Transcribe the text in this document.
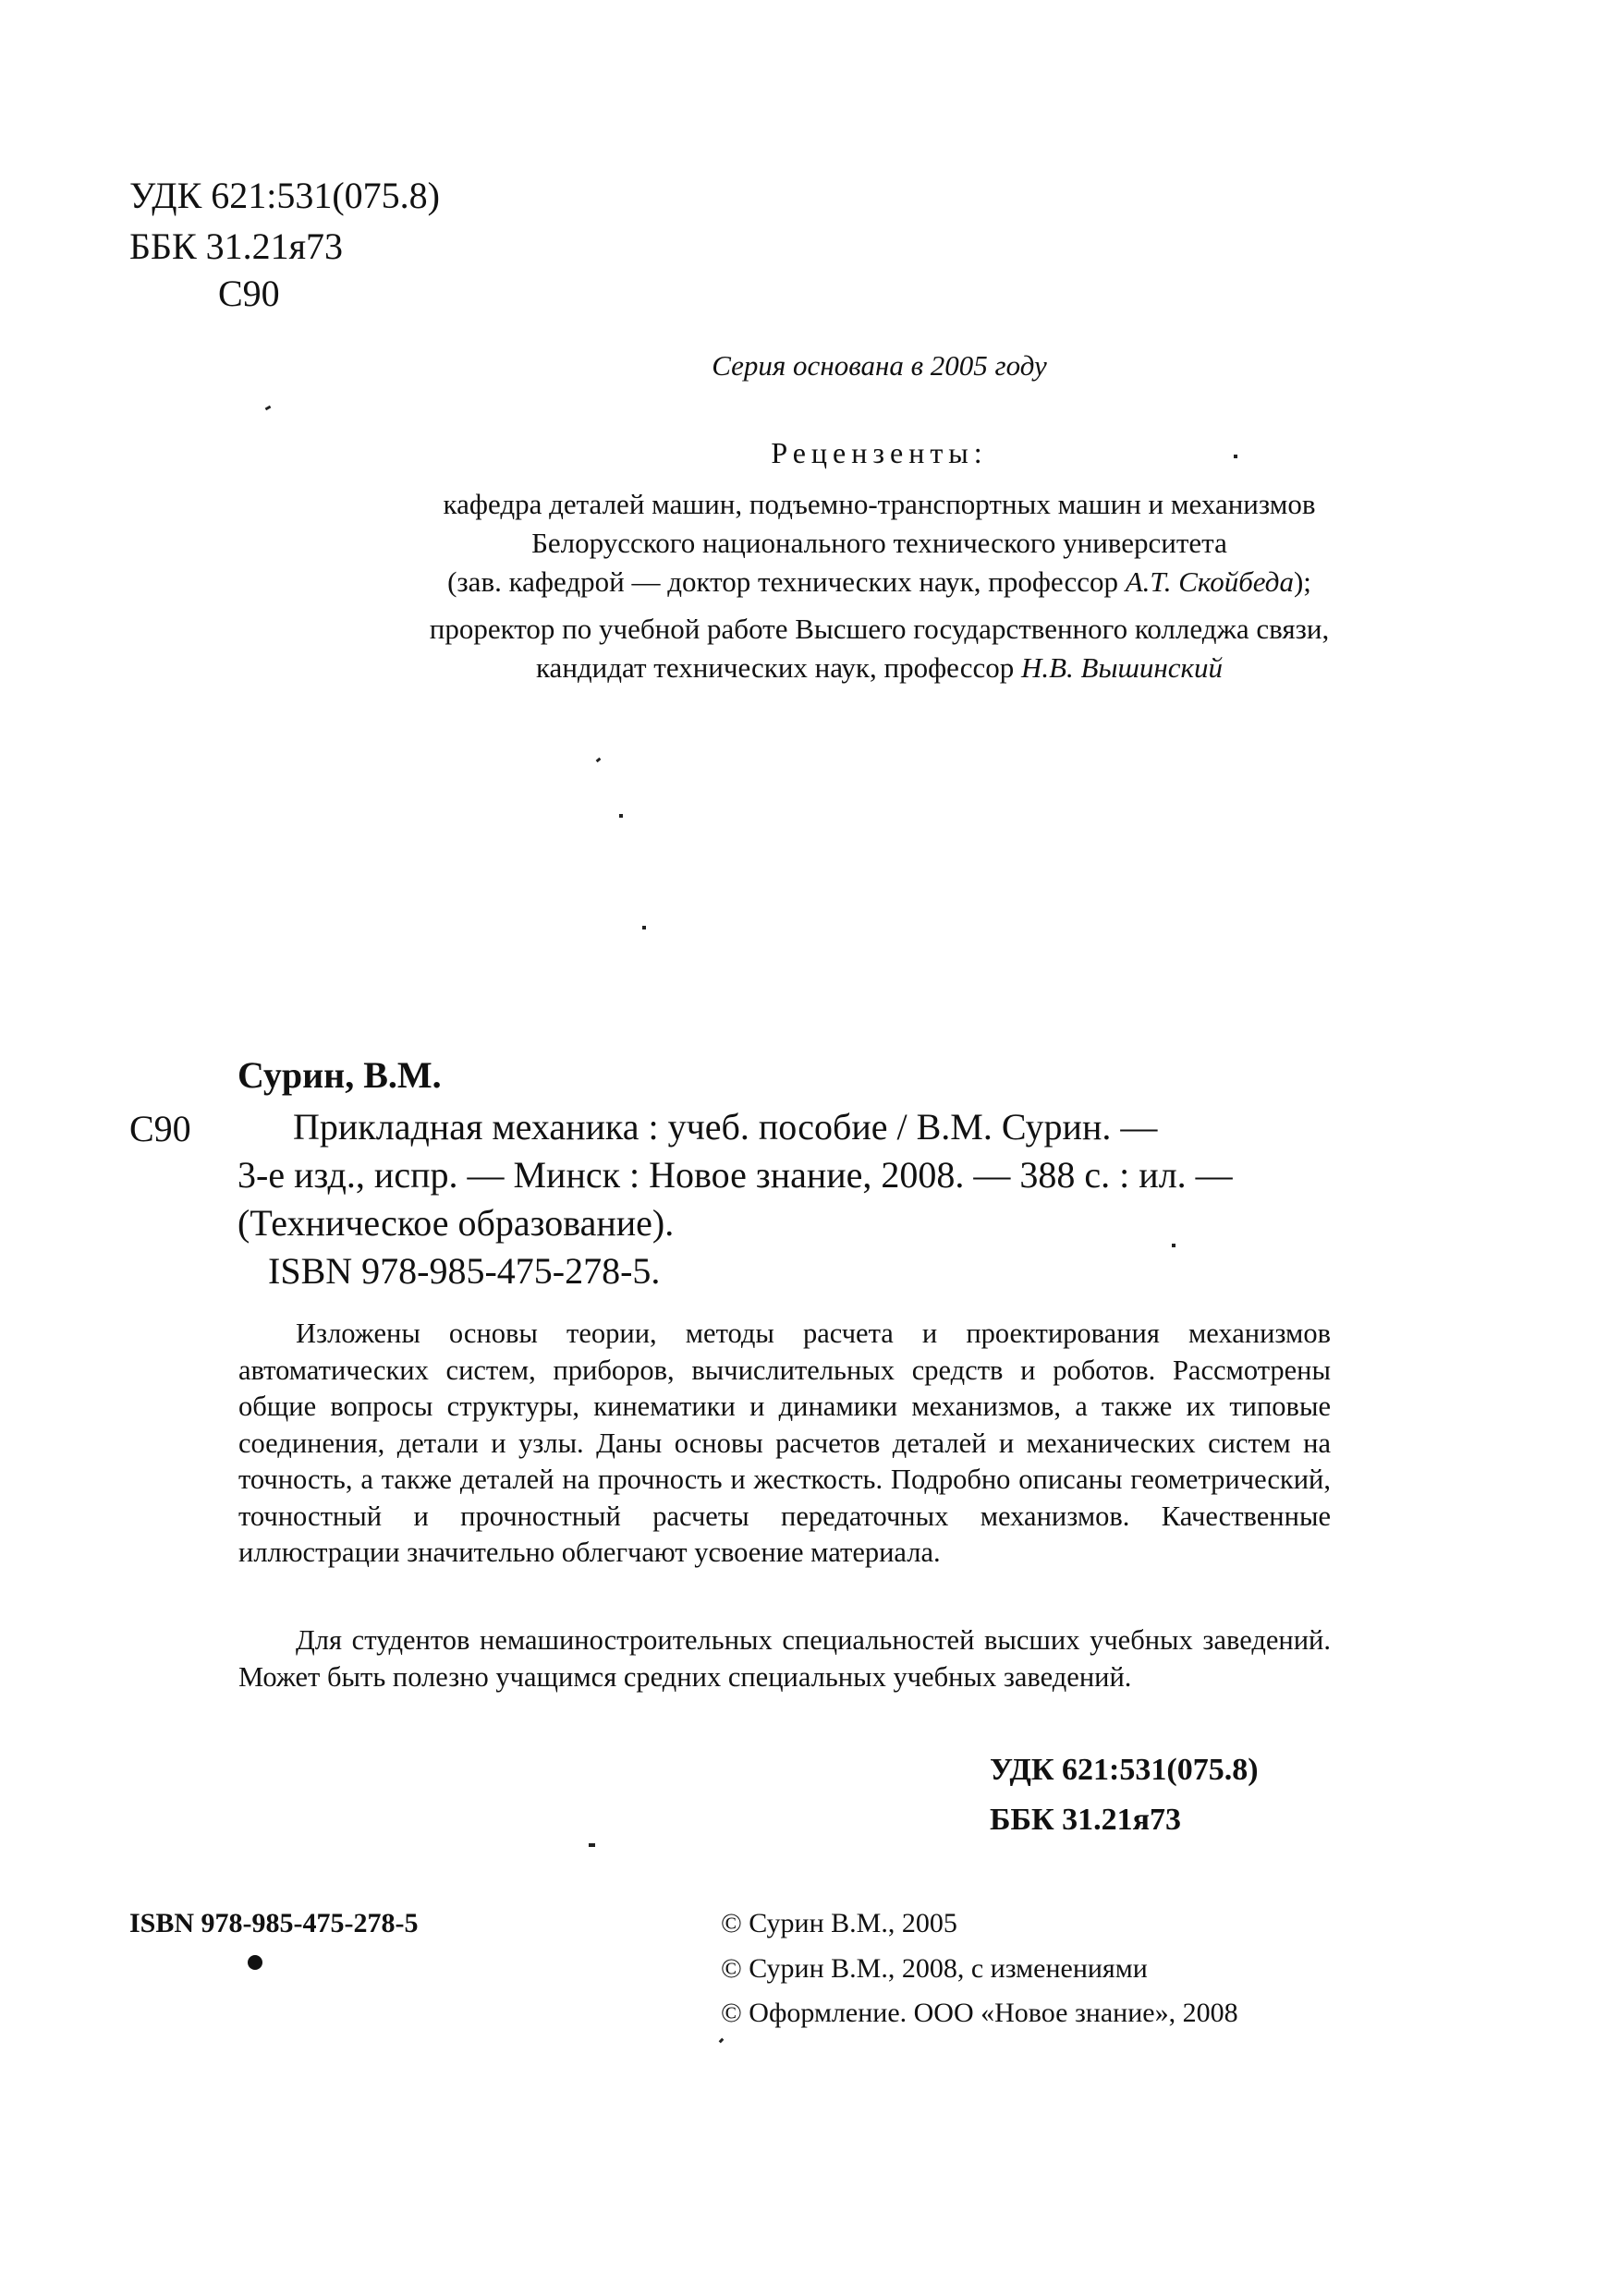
УДК 621:531(075.8)
ББК 31.21я73
С90
Серия основана в 2005 году
Рецензенты:
кафедра деталей машин, подъемно-транспортных машин и механизмов
Белорусского национального технического университета
(зав. кафедрой — доктор технических наук, профессор А.Т. Скойбеда);
проректор по учебной работе Высшего государственного колледжа связи,
кандидат технических наук, профессор Н.В. Вышинский
Сурин, В.М.
С90	Прикладная механика : учеб. пособие / В.М. Сурин. —
3-е изд., испр. — Минск : Новое знание, 2008. — 388 с. : ил. —
(Техническое образование).
ISBN 978-985-475-278-5.
Изложены основы теории, методы расчета и проектирования механизмов автоматических систем, приборов, вычислительных средств и роботов. Рассмотрены общие вопросы структуры, кинематики и динамики механизмов, а также их типовые соединения, детали и узлы. Даны основы расчетов деталей и механических систем на точность, а также деталей на прочность и жесткость. Подробно описаны геометрический, точностный и прочностный расчеты передаточных механизмов. Качественные иллюстрации значительно облегчают усвоение материала.
Для студентов немашиностроительных специальностей высших учебных заведений. Может быть полезно учащимся средних специальных учебных заведений.
УДК 621:531(075.8)
ББК 31.21я73
ISBN 978-985-475-278-5	© Сурин В.М., 2005
© Сурин В.М., 2008, с изменениями
© Оформление. ООО «Новое знание», 2008
